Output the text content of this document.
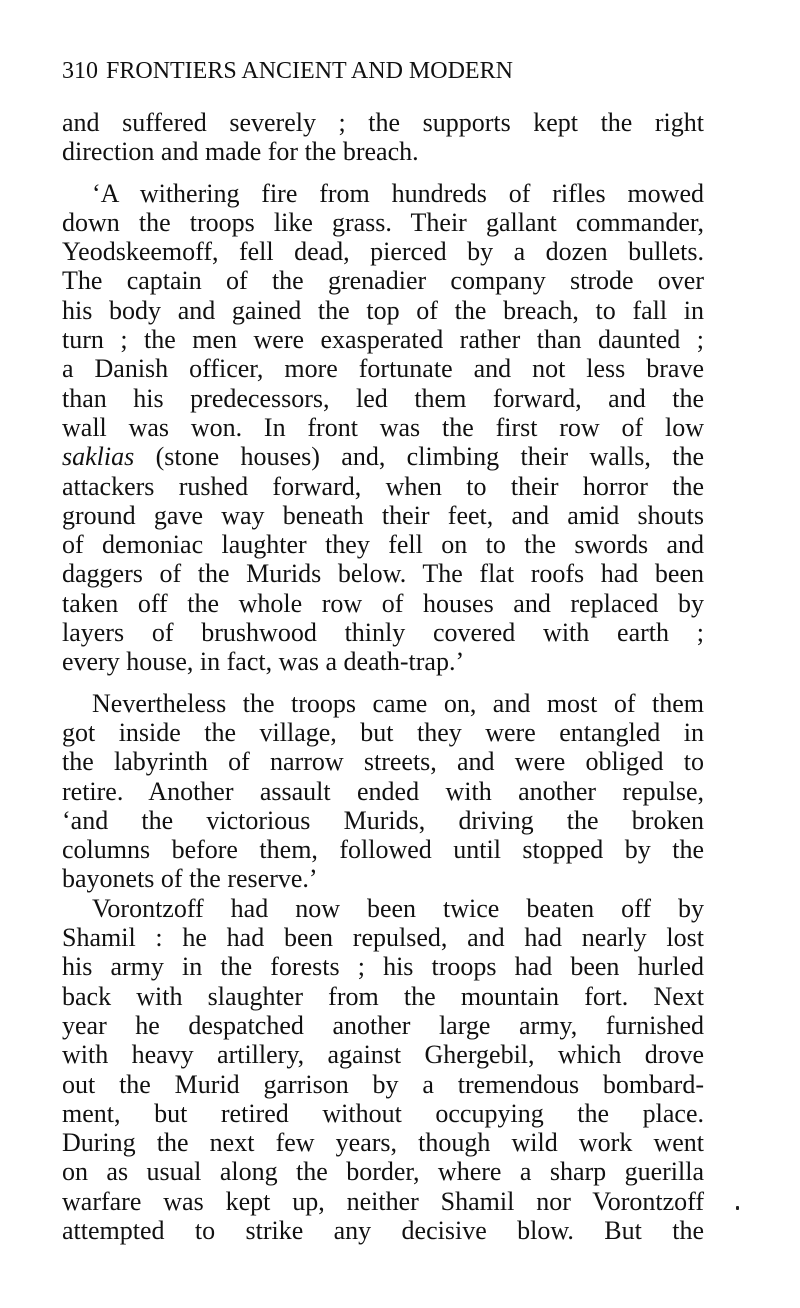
310 FRONTIERS ANCIENT AND MODERN
and suffered severely ; the supports kept the right
direction and made for the breach.
‘A withering fire from hundreds of rifles mowed
down the troops like grass. Their gallant commander,
Yeodskeemoff, fell dead, pierced by a dozen bullets.
The captain of the grenadier company strode over
his body and gained the top of the breach, to fall in
turn ; the men were exasperated rather than daunted ;
a Danish officer, more fortunate and not less brave
than his predecessors, led them forward, and the
wall was won. In front was the first row of low
saklias (stone houses) and, climbing their walls, the
attackers rushed forward, when to their horror the
ground gave way beneath their feet, and amid shouts
of demoniac laughter they fell on to the swords and
daggers of the Murids below. The flat roofs had been
taken off the whole row of houses and replaced by
layers of brushwood thinly covered with earth ;
every house, in fact, was a death-trap.’
Nevertheless the troops came on, and most of them
got inside the village, but they were entangled in
the labyrinth of narrow streets, and were obliged to
retire. Another assault ended with another repulse,
‘and the victorious Murids, driving the broken
columns before them, followed until stopped by the
bayonets of the reserve.’
Vorontzoff had now been twice beaten off by
Shamil : he had been repulsed, and had nearly lost
his army in the forests ; his troops had been hurled
back with slaughter from the mountain fort. Next
year he despatched another large army, furnished
with heavy artillery, against Ghergebil, which drove
out the Murid garrison by a tremendous bombard-
ment, but retired without occupying the place.
During the next few years, though wild work went
on as usual along the border, where a sharp guerilla
warfare was kept up, neither Shamil nor Vorontzoff
attempted to strike any decisive blow. But the
